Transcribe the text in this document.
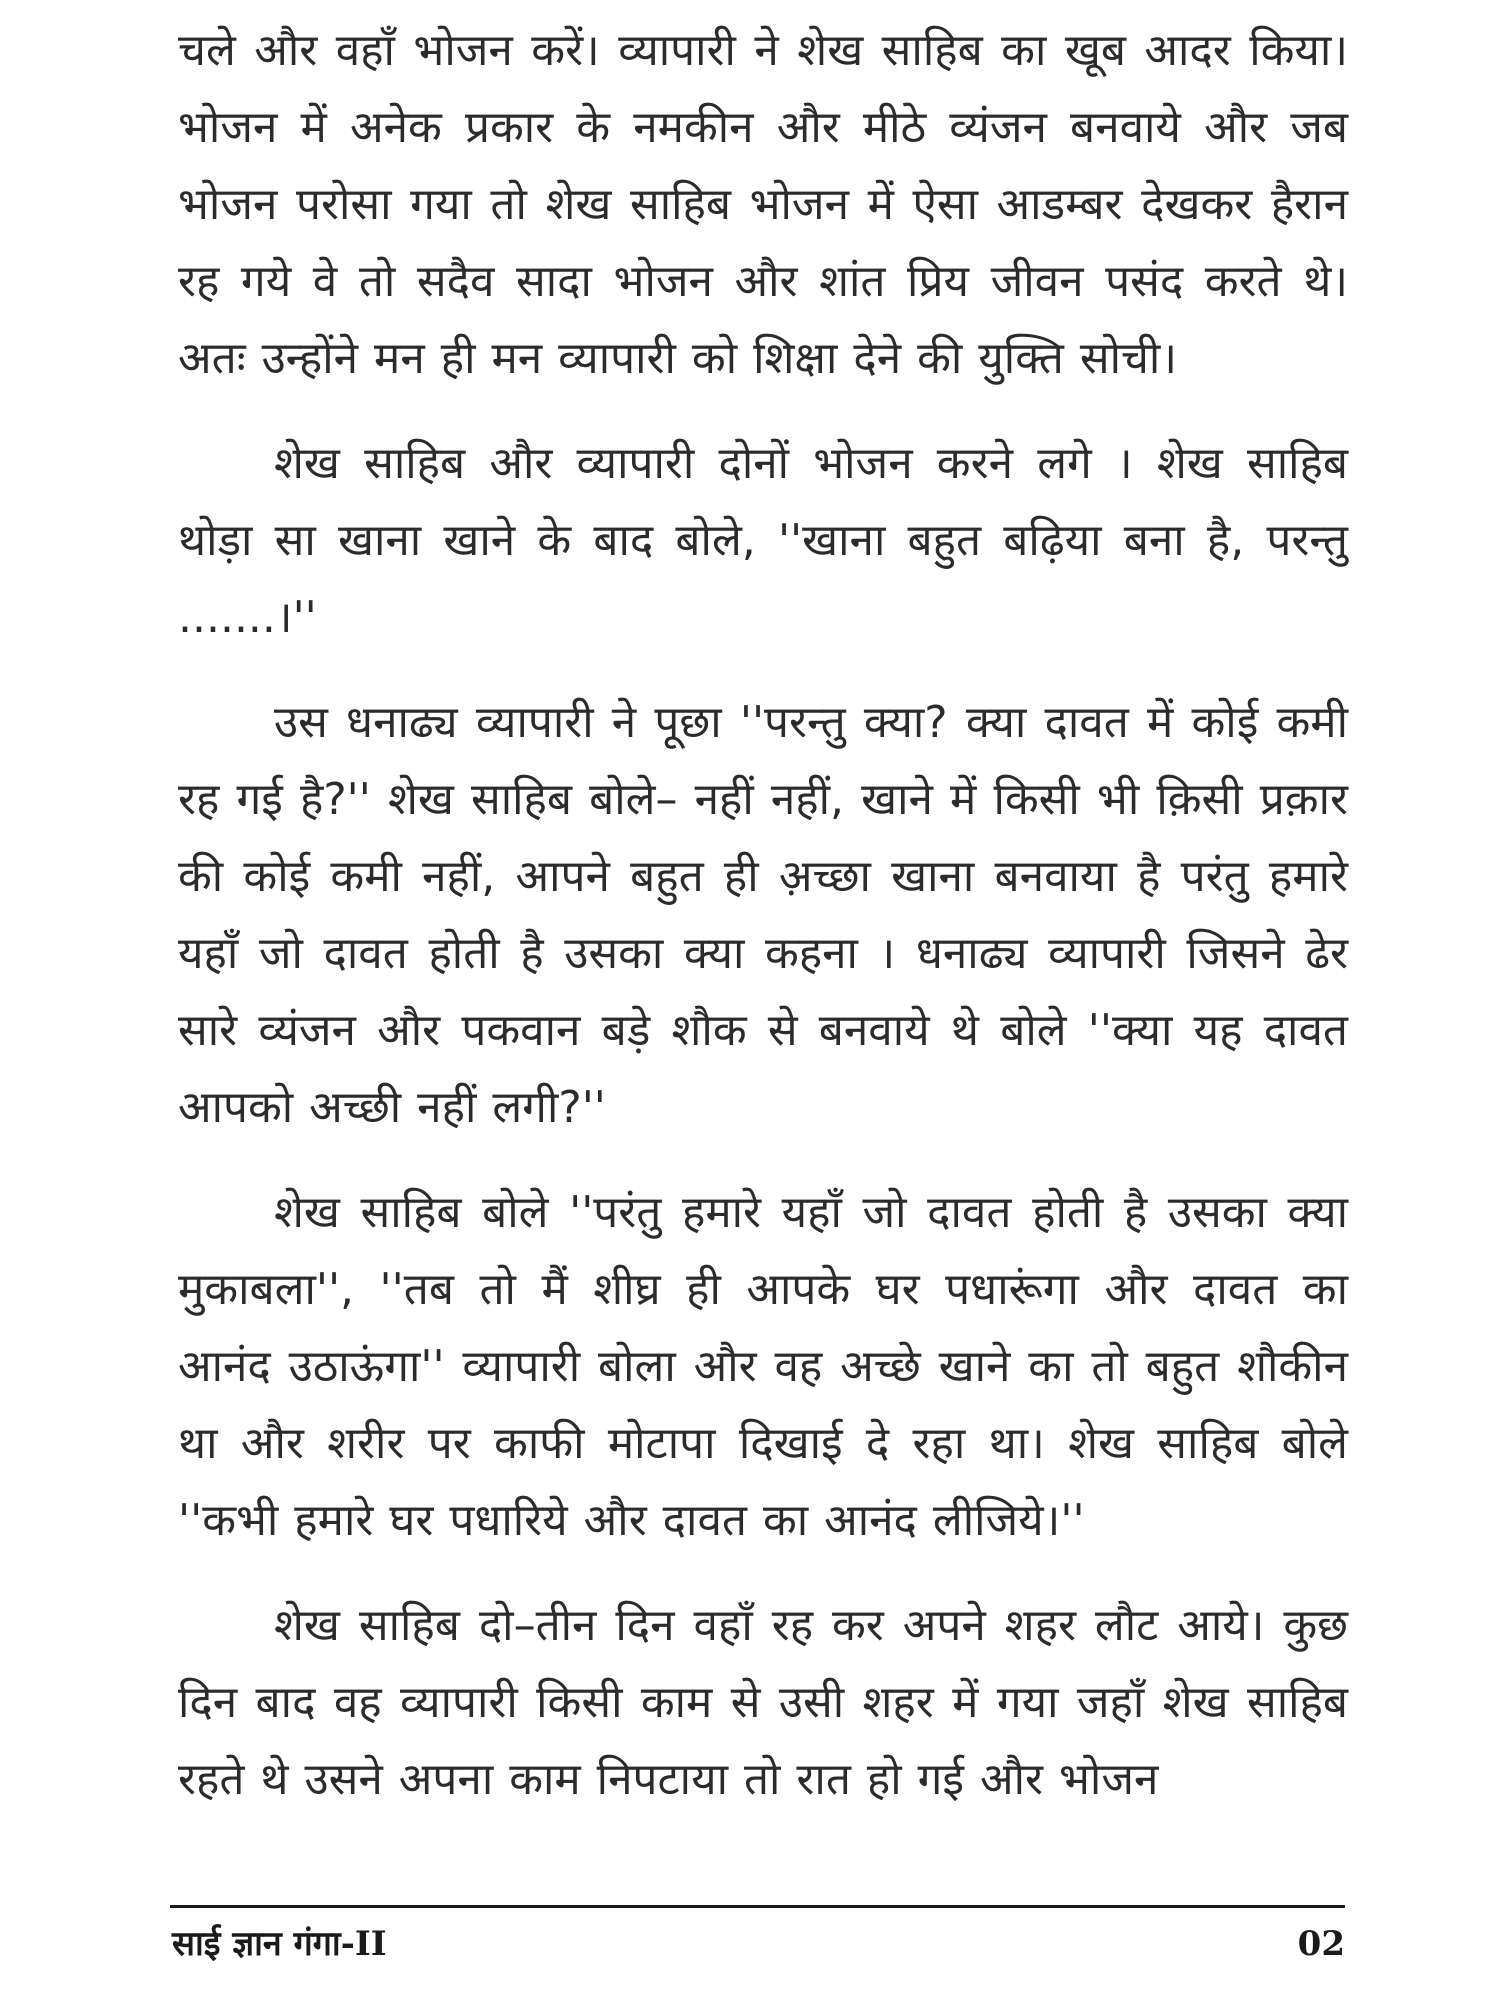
चले और वहाँ भोजन करें। व्यापारी ने शेख साहिब का खूब आदर किया। भोजन में अनेक प्रकार के नमकीन और मीठे व्यंजन बनवाये और जब भोजन परोसा गया तो शेख साहिब भोजन में ऐसा आडम्बर देखकर हैरान रह गये वे तो सदैव सादा भोजन और शांत प्रिय जीवन पसंद करते थे। अतः उन्होंने मन ही मन व्यापारी को शिक्षा देने की युक्ति सोची।

शेख साहिब और व्यापारी दोनों भोजन करने लगे । शेख साहिब थोड़ा सा खाना खाने के बाद बोले, ''खाना बहुत बढ़िया बना है, परन्तु .......।''

उस धनाढ्य व्यापारी ने पूछा ''परन्तु क्या? क्या दावत में कोई कमी रह गई है?'' शेख साहिब बोले– नहीं नहीं, खाने में किसी भी क़िसी प्रक़ार की कोई कमी नहीं, आपने बहुत ही अ़च्छा खाना बनवाया है परंतु हमारे यहाँ जो दावत होती है उसका क्या कहना । धनाढ्य व्यापारी जिसने ढेर सारे व्यंजन और पकवान बड़े शौक से बनवाये थे बोले ''क्या यह दावत आपको अच्छी नहीं लगी?''

शेख साहिब बोले ''परंतु हमारे यहाँ जो दावत होती है उसका क्या मुकाबला'', ''तब तो मैं शीघ्र ही आपके घर पधारूंगा और दावत का आनंद उठाऊंगा'' व्यापारी बोला और वह अच्छे खाने का तो बहुत शौकीन था और शरीर पर काफी मोटापा दिखाई दे रहा था। शेख साहिब बोले ''कभी हमारे घर पधारिये और दावत का आनंद लीजिये।''

शेख साहिब दो–तीन दिन वहाँ रह कर अपने शहर लौट आये। कुछ दिन बाद वह व्यापारी किसी काम से उसी शहर में गया जहाँ शेख साहिब रहते थे उसने अपना काम निपटाया तो रात हो गई और भोजन

साई ज्ञान गंगा-II	02
